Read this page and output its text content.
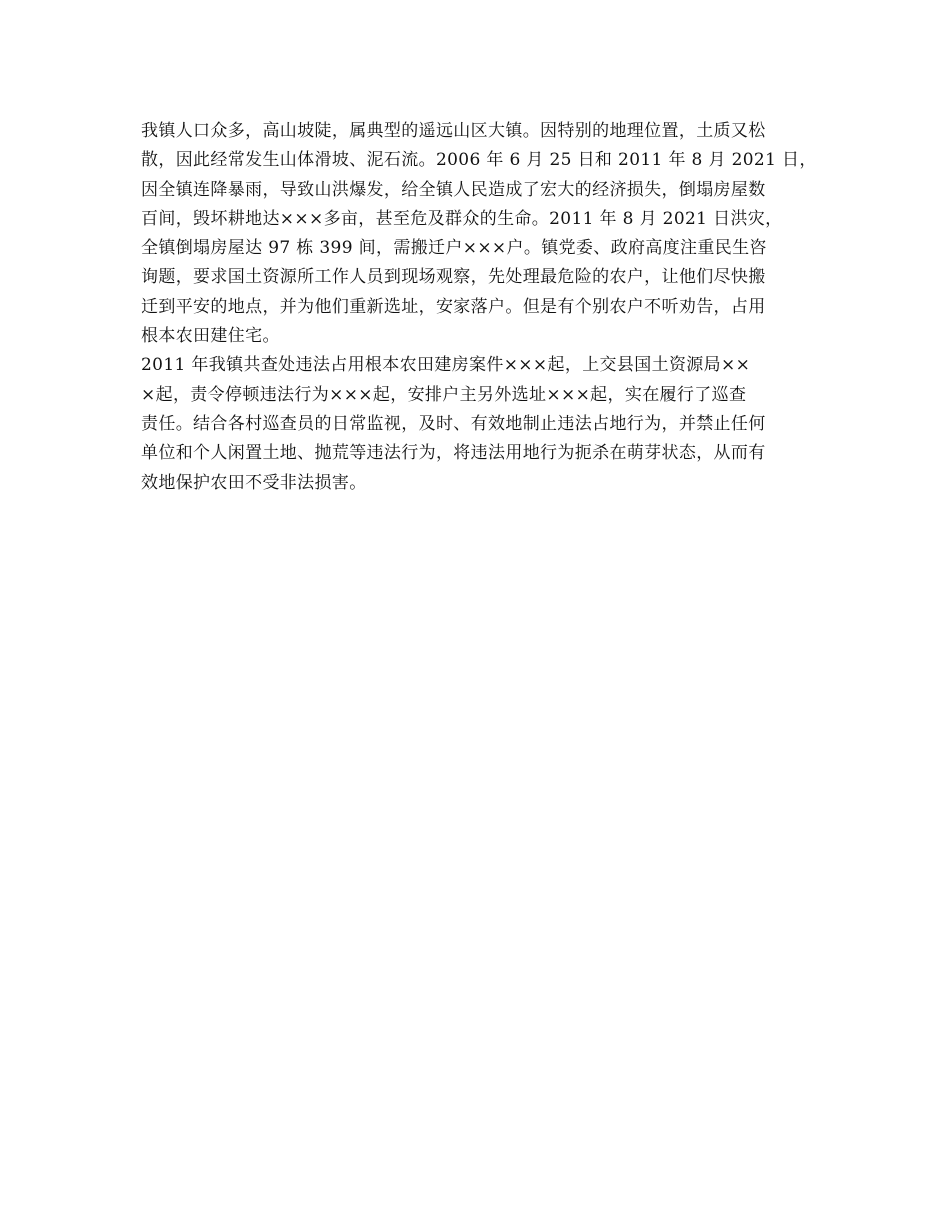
我镇人口众多，高山坡陡，属典型的遥远山区大镇。因特别的地理位置，土质又松
散，因此经常发生山体滑坡、泥石流。2006 年 6 月 25 日和 2011 年 8 月 2021 日，
因全镇连降暴雨，导致山洪爆发，给全镇人民造成了宏大的经济损失，倒塌房屋数
百间，毁坏耕地达×××多亩，甚至危及群众的生命。2011 年 8 月 2021 日洪灾，
全镇倒塌房屋达 97 栋 399 间，需搬迁户×××户。镇党委、政府高度注重民生咨
询题，要求国土资源所工作人员到现场观察，先处理最危险的农户，让他们尽快搬
迁到平安的地点，并为他们重新选址，安家落户。但是有个别农户不听劝告，占用
根本农田建住宅。
2011 年我镇共查处违法占用根本农田建房案件×××起，上交县国土资源局××
×起，责令停顿违法行为×××起，安排户主另外选址×××起，实在履行了巡查
责任。结合各村巡查员的日常监视，及时、有效地制止违法占地行为，并禁止任何
单位和个人闲置土地、抛荒等违法行为，将违法用地行为扼杀在萌芽状态，从而有
效地保护农田不受非法损害。
